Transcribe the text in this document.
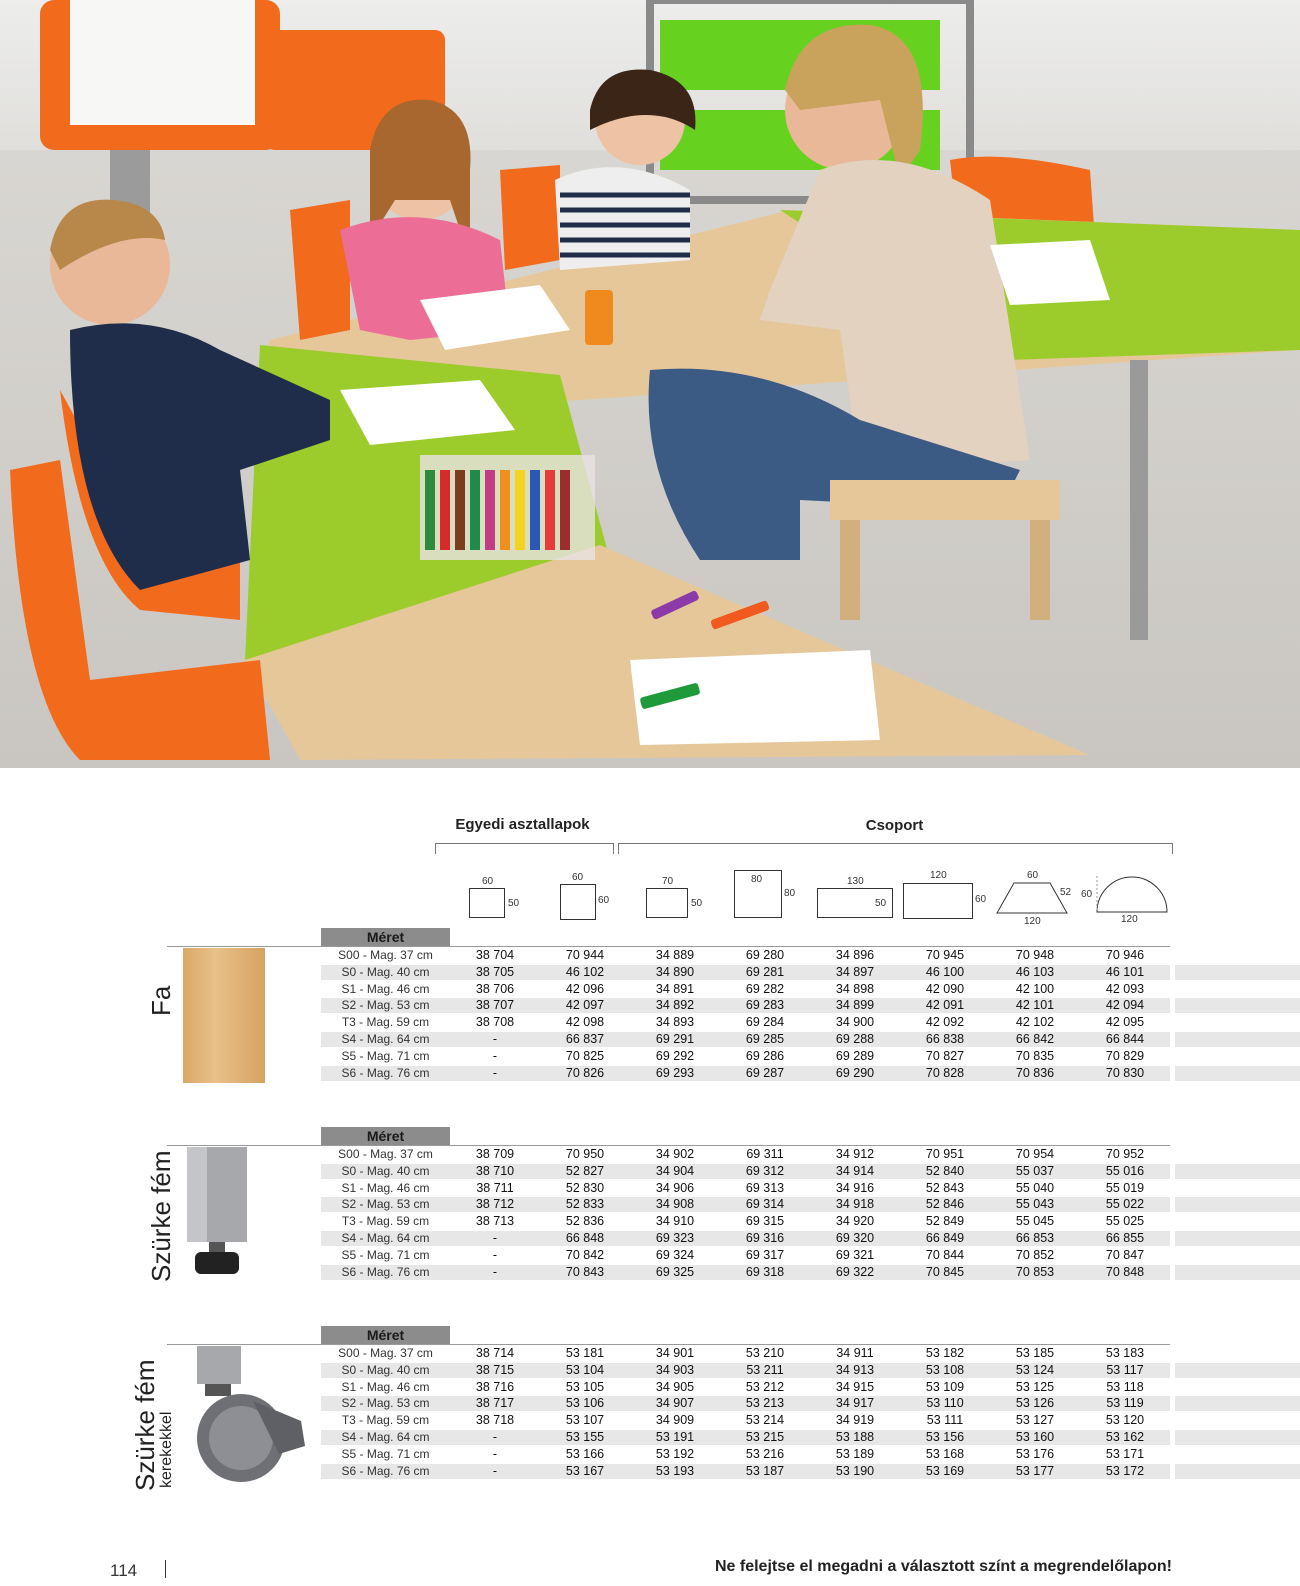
Egyedi asztallapok	Csoport
60
50
60
60
70
50
80
80
130
50
120
60
60
52
120
60
120
Méret
Fa
S00 - Mag. 37 cm	38 704	70 944	34 889	69 280	34 896	70 945	70 948	70 946
S0 - Mag. 40 cm	38 705	46 102	34 890	69 281	34 897	46 100	46 103	46 101
S1 - Mag. 46 cm	38 706	42 096	34 891	69 282	34 898	42 090	42 100	42 093
S2 - Mag. 53 cm	38 707	42 097	34 892	69 283	34 899	42 091	42 101	42 094
T3 - Mag. 59 cm	38 708	42 098	34 893	69 284	34 900	42 092	42 102	42 095
S4 - Mag. 64 cm	-	66 837	69 291	69 285	69 288	66 838	66 842	66 844
S5 - Mag. 71 cm	-	70 825	69 292	69 286	69 289	70 827	70 835	70 829
S6 - Mag. 76 cm	-	70 826	69 293	69 287	69 290	70 828	70 836	70 830
Méret
Szürke fém	S00 - Mag. 37 cm	38 709	70 950	34 902	69 311	34 912	70 951	70 954	70 952
S0 - Mag. 40 cm	38 710	52 827	34 904	69 312	34 914	52 840	55 037	55 016
S1 - Mag. 46 cm	38 711	52 830	34 906	69 313	34 916	52 843	55 040	55 019
S2 - Mag. 53 cm	38 712	52 833	34 908	69 314	34 918	52 846	55 043	55 022
T3 - Mag. 59 cm	38 713	52 836	34 910	69 315	34 920	52 849	55 045	55 025
S4 - Mag. 64 cm	-	66 848	69 323	69 316	69 320	66 849	66 853	66 855
S5 - Mag. 71 cm	-	70 842	69 324	69 317	69 321	70 844	70 852	70 847
S6 - Mag. 76 cm	-	70 843	69 325	69 318	69 322	70 845	70 853	70 848
Méret
Szürke fém
kerekekkel
S00 - Mag. 37 cm	38 714	53 181	34 901	53 210	34 911	53 182	53 185	53 183
S0 - Mag. 40 cm	38 715	53 104	34 903	53 211	34 913	53 108	53 124	53 117
S1 - Mag. 46 cm	38 716	53 105	34 905	53 212	34 915	53 109	53 125	53 118
S2 - Mag. 53 cm	38 717	53 106	34 907	53 213	34 917	53 110	53 126	53 119
T3 - Mag. 59 cm	38 718	53 107	34 909	53 214	34 919	53 111	53 127	53 120
S4 - Mag. 64 cm	-	53 155	53 191	53 215	53 188	53 156	53 160	53 162
S5 - Mag. 71 cm	-	53 166	53 192	53 216	53 189	53 168	53 176	53 171
S6 - Mag. 76 cm	-	53 167	53 193	53 187	53 190	53 169	53 177	53 172
114	Ne felejtse el megadni a választott színt a megrendelőlapon!
